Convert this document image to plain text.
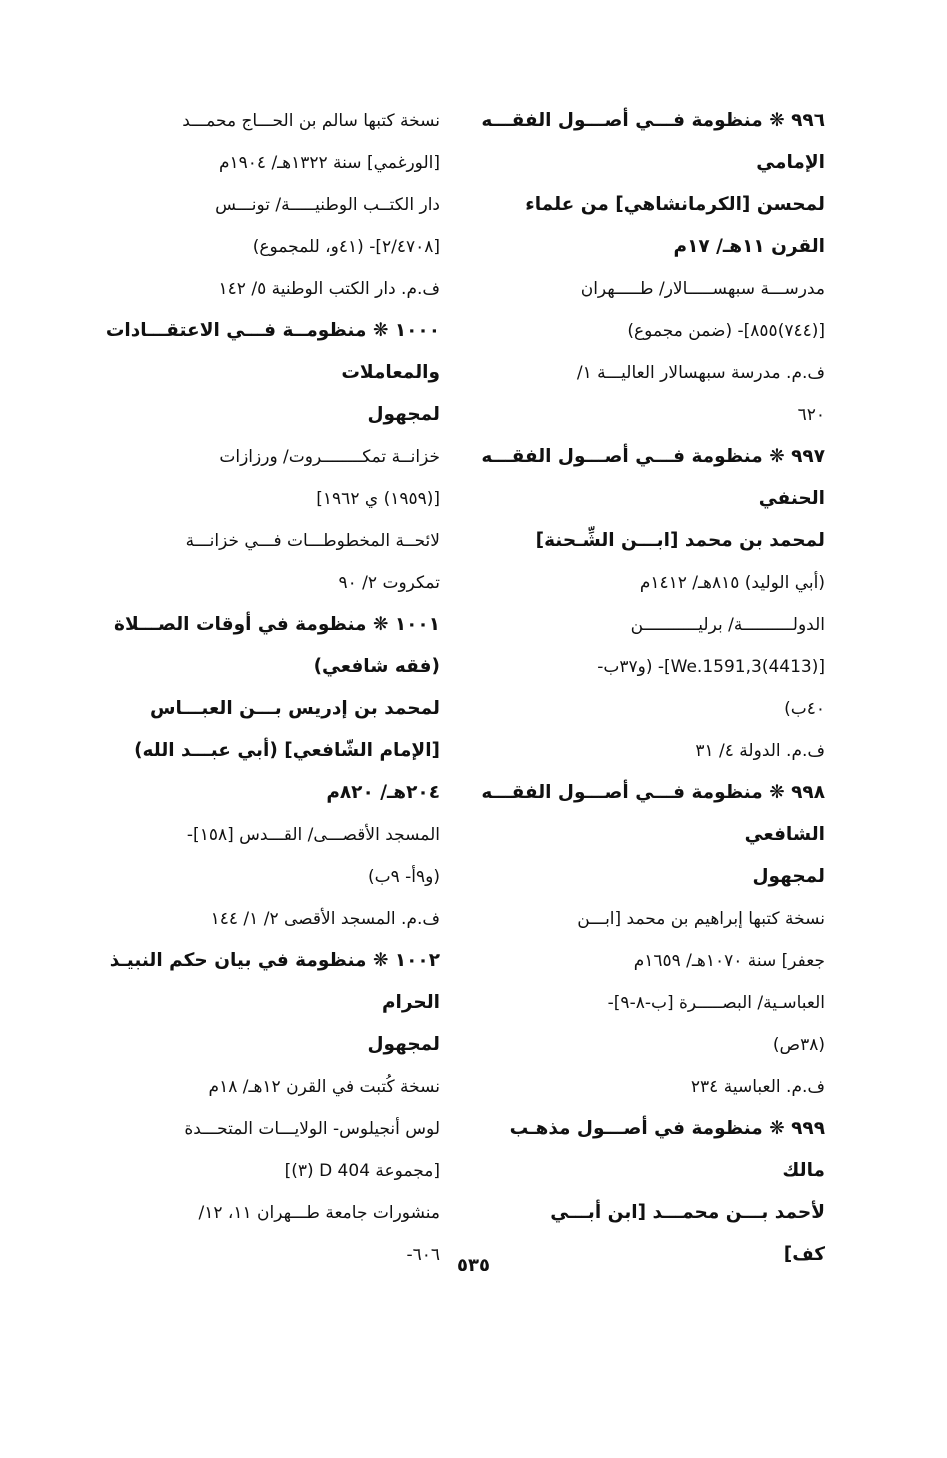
٩٩٦ ❋ منظومة فـــي أصـــول الفقـــه
الإمامي
لمحسن [الكرمانشاهي] من علماء
القرن ١١هـ/ ١٧م
مدرســـة سبهســـــالار/ طـــــهران
[(٧٤٤)٨٥٥]- (ضمن مجموع)
ف.م. مدرسة سبهسالار العاليـــة ١/
٦٢٠
٩٩٧ ❋ منظومة فـــي أصـــول الفقـــه
الحنفي
لمحمد بن محمد [ابـــن الشِّـحنة]
(أبي الوليد) ٨١٥هـ/ ١٤١٢م
الدولــــــــــة/ برليـــــــــــن
[(4413)We.1591,3]- (و٣٧ب-
٤٠ب)
ف.م. الدولة ٤/ ٣١
٩٩٨ ❋ منظومة فـــي أصـــول الفقـــه
الشافعي
لمجهول
نسخة كتبها إبراهيم بن محمد [ابـــن
جعفر] سنة ١٠٧٠هـ/ ١٦٥٩م
العباسـية/ البصـــــرة [ب-٨-٩]-
(٣٨ص)
ف.م. العباسية ٢٣٤
٩٩٩ ❋ منظومة في أصـــول مذهـب
مالك
لأحمد بـــن محمـــد [ابن أبـــي
كف]
نسخة كتبها سالم بن الحـــاج محمـــد
[الورغمي] سنة ١٣٢٢هـ/ ١٩٠٤م
دار الكتــب الوطنيـــــة/ تونـــس
[٢/٤٧٠٨]- (٤١و، للمجموع)
ف.م. دار الكتب الوطنية ٥/ ١٤٢
١٠٠٠ ❋ منظومــة فـــي الاعتقـــادات
والمعاملات
لمجهول
خزانــة تمكــــــــروت/ ورزازات
[(١٩٥٩) ي ١٩٦٢]
لائحــة المخطوطـــات فـــي خزانـــة
تمكروت ٢/ ٩٠
١٠٠١ ❋ منظومة في أوقات الصـــلاة
(فقه شافعي)
لمحمد بن إدريس بـــن العبـــاس
[الإمام الشّافعي] (أبي عبـــد الله)
٢٠٤هـ/ ٨٢٠م
المسجد الأقصـــى/ القـــدس [١٥٨]-
(و٩أ- ٩ب)
ف.م. المسجد الأقصى ٢/ ١/ ١٤٤
١٠٠٢ ❋ منظومة في بيان حكم النبيـذ
الحرام
لمجهول
نسخة كُتبت في القرن ١٢هـ/ ١٨م
لوس أنجيلوس- الولايـــات المتحـــدة
[مجموعة D 404 (٣)]
منشورات جامعة طـــهران ١١، ١٢/
٦٠٦- ٥٣٥
